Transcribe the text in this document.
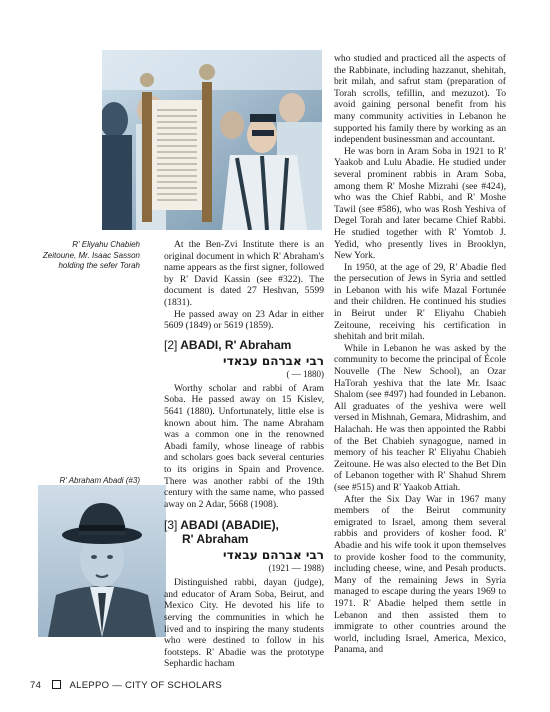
R' Eliyahu Chabieh Zeitoune, Mr. Isaac Sasson holding the sefer Torah
R' Abraham Abadi (#3)

At the Ben-Zvi Institute there is an original document in which R' Abraham's name appears as the first signer, followed by R' David Kassin (see #322). The document is dated 27 Heshvan, 5599 (1831).

He passed away on 23 Adar in either 5609 (1849) or 5619 (1859).

[2] ABADI, R' Abraham
רבי אברהם עבאדי
( — 1880)

Worthy scholar and rabbi of Aram Soba. He passed away on 15 Kislev, 5641 (1880). Unfortunately, little else is known about him. The name Abraham was a common one in the renowned Abadi family, whose lineage of rabbis and scholars goes back several centuries to its origins in Spain and Provence. There was another rabbi of the 19th century with the same name, who passed away on 2 Adar, 5668 (1908).

[3] ABADI (ABADIE),
R' Abraham
רבי אברהם עבאדי
(1921 — 1988)

Distinguished rabbi, dayan (judge), and educator of Aram Soba, Beirut, and Mexico City. He devoted his life to serving the communities in which he lived and to inspiring the many students who were destined to follow in his footsteps. R' Abadie was the prototype Sephardic hacham

who studied and practiced all the aspects of the Rabbinate, including hazzanut, shehitah, brit milah, and safrut stam (preparation of Torah scrolls, tefillin, and mezuzot). To avoid gaining personal benefit from his many community activities in Lebanon he supported his family there by working as an independent businessman and accountant.

He was born in Aram Soba in 1921 to R' Yaakob and Lulu Abadie. He studied under several prominent rabbis in Aram Soba, among them R' Moshe Mizrahi (see #424), who was the Chief Rabbi, and R' Moshe Tawil (see #586), who was Rosh Yeshiva of Degel Torah and later became Chief Rabbi. He studied together with R' Yomtob J. Yedid, who presently lives in Brooklyn, New York.

In 1950, at the age of 29, R' Abadie fled the persecution of Jews in Syria and settled in Lebanon with his wife Mazal Fortunée and their children. He continued his studies in Beirut under R' Eliyahu Chabieh Zeitoune, receiving his certification in shehitah and brit milah.

While in Lebanon he was asked by the community to become the principal of École Nouvelle (The New School), an Ozar HaTorah yeshiva that the late Mr. Isaac Shalom (see #497) had founded in Lebanon. All graduates of the yeshiva were well versed in Mishnah, Gemara, Midrashim, and Halachah. He was then appointed the Rabbi of the Bet Chabieh synagogue, named in memory of his teacher R' Eliyahu Chabieh Zeitoune. He was also elected to the Bet Din of Lebanon together with R' Shahud Shrem (see #515) and R' Yaakob Attiah.

After the Six Day War in 1967 many members of the Beirut community emigrated to Israel, among them several rabbis and providers of kosher food. R' Abadie and his wife took it upon themselves to provide kosher food to the community, including cheese, wine, and Pesah products. Many of the remaining Jews in Syria managed to escape during the years 1969 to 1971. R' Abadie helped them settle in Lebanon and then assisted them to immigrate to other countries around the world, including Israel, America, Mexico, Panama, and

74	ALEPPO — CITY OF SCHOLARS
